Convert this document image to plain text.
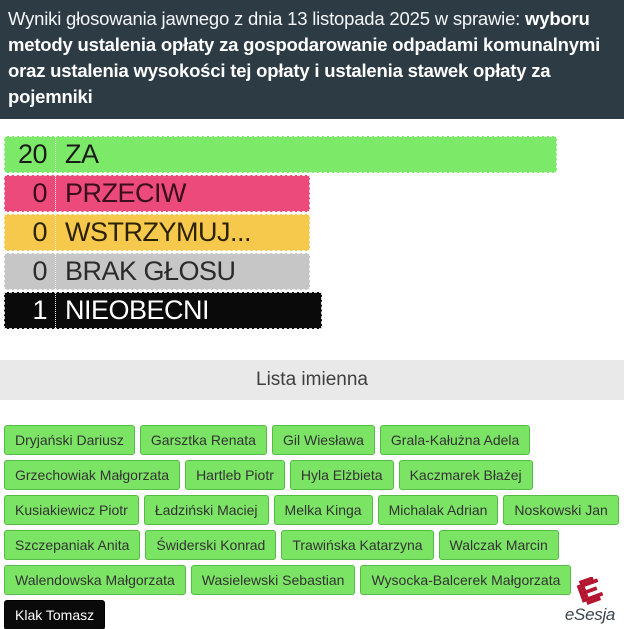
Wyniki głosowania jawnego z dnia 13 listopada 2025 w sprawie: wyboru metody ustalenia opłaty za gospodarowanie odpadami komunalnymi oraz ustalenia wysokości tej opłaty i ustalenia stawek opłaty za pojemniki
20 ZA
0 PRZECIW
0 WSTRZYMUJ...
0 BRAK GŁOSU
1 NIEOBECNI
Lista imienna
Dryjański Dariusz	Garsztka Renata	Gil Wiesława	Grala-Kałużna Adela
Grzechowiak Małgorzata	Hartleb Piotr	Hyla Elżbieta	Kaczmarek Błażej
Kusiakiewicz Piotr	Ładziński Maciej	Melka Kinga	Michalak Adrian	Noskowski Jan
Szczepaniak Anita	Świderski Konrad	Trawińska Katarzyna	Walczak Marcin
Walendowska Małgorzata	Wasielewski Sebastian	Wysocka-Balcerek Małgorzata
Klak Tomasz	eSesja
